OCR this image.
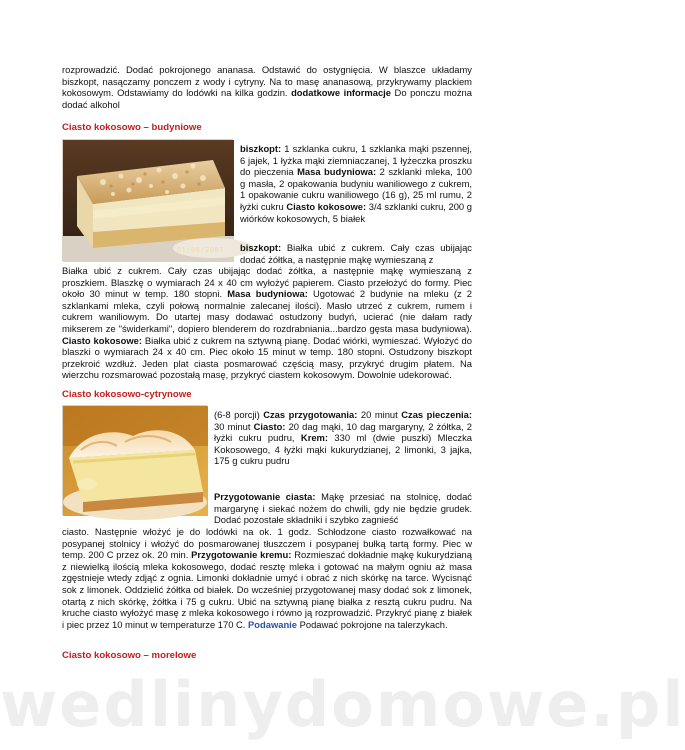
rozprowadzić. Dodać pokrojonego ananasa. Odstawić do ostygnięcia. W blaszce układamy biszkopt, nasączamy ponczem z wody i cytryny. Na to masę ananasową, przykrywamy plackiem kokosowym. Odstawiamy do lodówki na kilka godzin. dodatkowe informacje Do ponczu można dodać alkohol
Ciasto kokosowo – budyniowe
01/08/2007
biszkopt: 1 szklanka cukru, 1 szklanka mąki pszennej, 6 jajek, 1 łyżka mąki ziemniaczanej, 1 łyżeczka proszku do pieczenia Masa budyniowa: 2 szklanki mleka, 100 g masła, 2 opakowania budyniu waniliowego z cukrem, 1 opakowanie cukru waniliowego (16 g), 25 ml rumu, 2 łyżki cukru Ciasto kokosowe: 3/4 szklanki cukru, 200 g wiórków kokosowych, 5 białek
biszkopt: Białka ubić z cukrem. Cały czas ubijając dodać żółtka, a następnie mąkę wymieszaną z
Białka ubić z cukrem. Cały czas ubijając dodać żółtka, a następnie mąkę wymieszaną z proszkiem. Blaszkę o wymiarach 24 x 40 cm wyłożyć papierem. Ciasto przełożyć do formy. Piec około 30 minut w temp. 180 stopni. Masa budyniowa: Ugotować 2 budynie na mleku (z 2 szklankami mleka, czyli połową normalnie zalecanej ilości). Masło utrzeć z cukrem, rumem i cukrem waniliowym. Do utartej masy dodawać ostudzony budyń, ucierać (nie dałam rady mikserem ze "świderkami", dopiero blenderem do rozdrabniania...bardzo gęsta masa budyniowa). Ciasto kokosowe: Białka ubić z cukrem na sztywną pianę. Dodać wiórki, wymieszać. Wyłożyć do blaszki o wymiarach 24 x 40 cm. Piec około 15 minut w temp. 180 stopni. Ostudzony biszkopt przekroić wzdłuż. Jeden plat ciasta posmarować częścią masy, przykryć drugim płatem. Na wierzchu rozsmarować pozostałą masę, przykryć ciastem kokosowym. Dowolnie udekorować.
Ciasto kokosowo-cytrynowe
(6-8 porcji) Czas przygotowania: 20 minut Czas pieczenia: 30 minut Ciasto: 20 dag mąki, 10 dag margaryny, 2 żółtka, 2 łyżki cukru pudru, Krem: 330 ml (dwie puszki) Mleczka Kokosowego, 4 łyżki mąki kukurydzianej, 2 limonki, 3 jajka, 175 g cukru pudru
Przygotowanie ciasta: Mąkę przesiać na stolnicę, dodać margarynę i siekać nożem do chwili, gdy nie będzie grudek. Dodać pozostałe składniki i szybko zagnieść
ciasto. Następnie włożyć je do lodówki na ok. 1 godz. Schłodzone ciasto rozwałkować na posypanej stolnicy i włożyć do posmarowanej tłuszczem i posypanej bułką tartą formy. Piec w temp. 200 C przez ok. 20 min. Przygotowanie kremu: Rozmieszać dokładnie mąkę kukurydzianą z niewielką ilością mleka kokosowego, dodać resztę mleka i gotować na małym ogniu aż masa zgęstnieje wtedy zdjąć z ognia. Limonki dokładnie umyć i obrać z nich skórkę na tarce. Wycisnąć sok z limonek. Oddzielić żółtka od białek. Do wcześniej przygotowanej masy dodać sok z limonek, otartą z nich skórkę, żółtka i 75 g cukru. Ubić na sztywną pianę białka z resztą cukru pudru. Na kruche ciasto wyłożyć masę z mleka kokosowego i równo ją rozprowadzić. Przykryć pianę z białek i piec przez 10 minut w temperaturze 170 C. Podawanie Podawać pokrojone na talerzykach.
Ciasto kokosowo – morelowe
wedlinydomowe.pl
